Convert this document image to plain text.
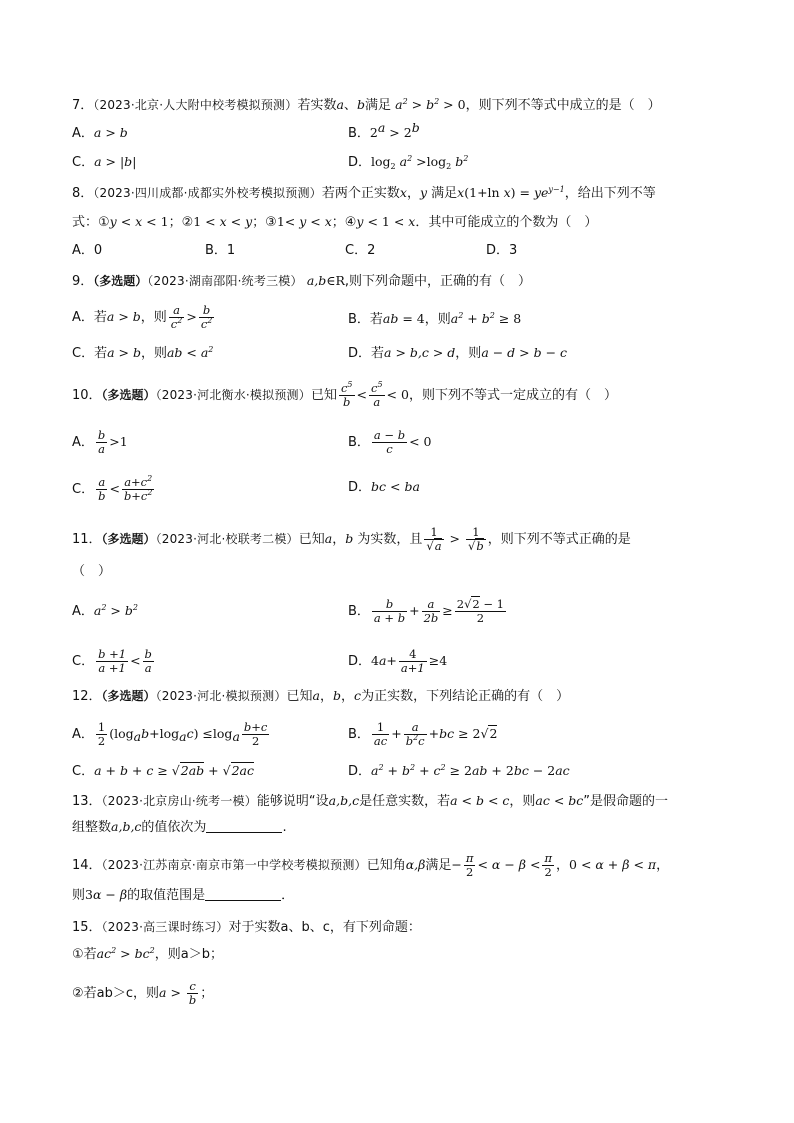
7．（2023·北京·人大附中校考模拟预测）若实数a、b满足 $a^2 > b^2 > 0$，则下列不等式中成立的是（　）
A．a > b	B．$2^a > 2^b$
C．a > |b|	D．$\log_2 a^2 >\log_2$ $b^2$
8．（2023·四川成都·成都实外校考模拟预测）若两个正实数x，y 满足x(1+ln $x) = ye^{y-1}$，给出下列不等
式：①y < x < 1；②1 < x < y；③1< y < x；④y < 1 < x．其中可能成立的个数为（　）
A．0	B．1	C．2	D．3
9．（多选题）（2023·湖南邵阳·统考三模） a,b∈R,则下列命题中，正确的有（　）
A．若a > b，则 $\frac{a}{c^2} > \frac{b}{c^2}$	B．若ab = 4，则$a^2 + b^2 \ge 8$
C．若a > b，则ab < $a^2$	D．若a > b,c > d，则a − d > b − c
10．（多选题）（2023·河北衡水·模拟预测）已知 $\frac{c^5}{b} < \frac{c^5}{a} < 0$，则下列不等式一定成立的有（　）
A． $\frac{b}{a} >1$	B． $\frac{a - b}{c} < 0$
C． $\frac{a}{b} < \frac{a+c^2}{b+c^2}$	D．bc < ba
11．（多选题）（2023·河北·校联考二模）已知a，b 为实数，且 $\frac{1}{√a} > \frac{1}{√b}$ ，则下列不等式正确的是
（　）
A．$a^2 > b^2$	B． $\frac{b}{a + b} + \frac{a}{2b} \ge \frac{2√2 - 1}{2}$
C． $\frac{b +1}{a +1} < \frac{b}{a}$	D．$4a+ \frac{4}{a+1} \ge 4$
12．（多选题）（2023·河北·模拟预测）已知a，b，c为正实数，下列结论正确的有（　）
A． $\frac{1}{2} (\log_ab+\log_ac) \le\log_a \frac{b+c}{2}$	B． $\frac{1}{ac} + \frac{a}{b^2c} +bc \ge 2√2$
C．a + b + c ≥ √2ab + √2ac	D．$a^2 + b^2 + c^2 \ge 2ab + 2bc - 2ac$
13．（2023·北京房山·统考一模）能够说明“设a,b,c是任意实数，若a < b < c，则ac < bc”是假命题的一
组整数a,b,c的值依次为	.
14．（2023·江苏南京·南京市第一中学校考模拟预测）已知角α,β满足− $\frac{\pi}{2} < \alpha - \beta < \frac{\pi}{2}$ ，0 < α + β < π，
则3α − β的取值范围是	．
15．（2023·高三课时练习）对于实数a、b、c，有下列命题：
①若$ac^2 > bc^2$，则a＞b；
②若ab＞c，则$a > \frac{c}{b}$ ；
